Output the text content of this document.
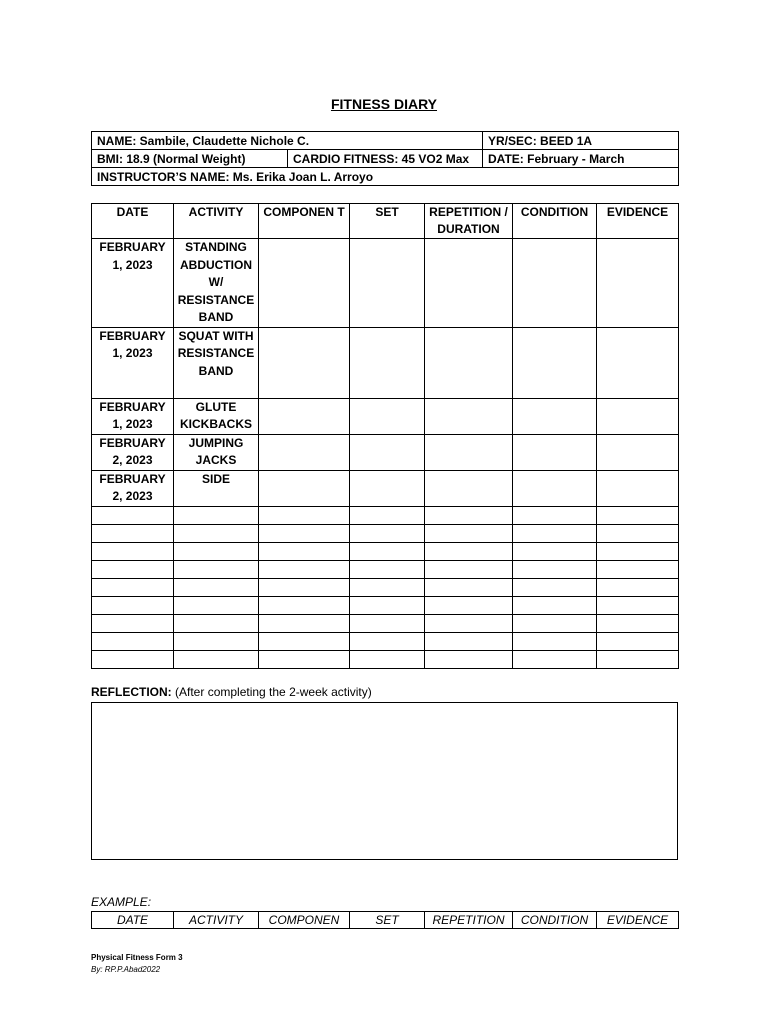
FITNESS DIARY
NAME: Sambile, Claudette Nichole C.		YR/SEC: BEED 1A
BMI: 18.9 (Normal Weight)	CARDIO FITNESS: 45 VO2 Max	DATE: February - March
INSTRUCTOR’S NAME: Ms. Erika Joan L. Arroyo		
DATE	ACTIVITY	COMPONEN T	SET	REPETITION / DURATION	CONDITION	EVIDENCE
FEBRUARY 1, 2023	STANDING ABDUCTION W/ RESISTANCE BAND					
FEBRUARY 1, 2023	SQUAT WITH RESISTANCE BAND					
FEBRUARY 1, 2023	GLUTE KICKBACKS					
FEBRUARY 2, 2023	JUMPING JACKS					
FEBRUARY 2, 2023	SIDE					

REFLECTION: (After completing the 2-week activity)
EXAMPLE:
DATE	ACTIVITY	COMPONEN	SET	REPETITION	CONDITION	EVIDENCE
Physical Fitness Form 3
By: RP.P.Abad2022
